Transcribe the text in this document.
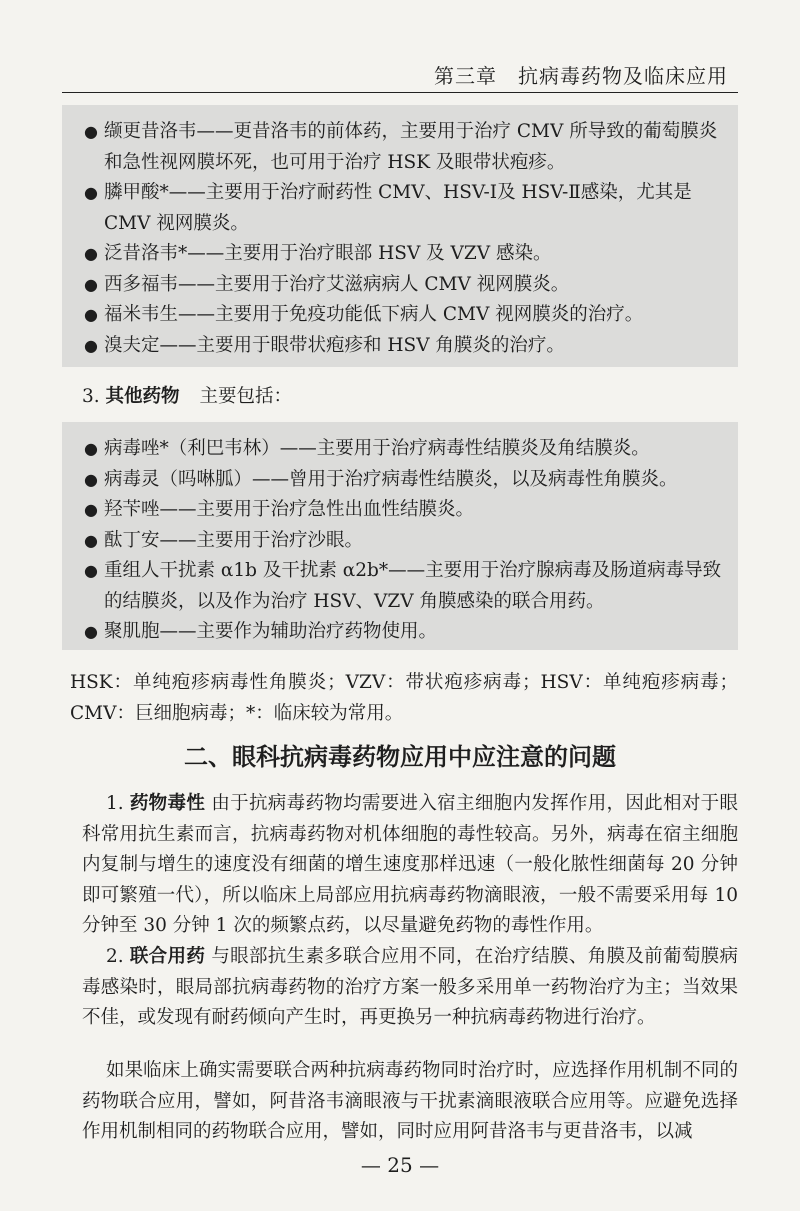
第三章　抗病毒药物及临床应用
● 缬更昔洛韦——更昔洛韦的前体药，主要用于治疗 CMV 所导致的葡萄膜炎和急性视网膜坏死，也可用于治疗 HSK 及眼带状疱疹。
● 膦甲酸*——主要用于治疗耐药性 CMV、HSV-Ⅰ及 HSV-Ⅱ感染，尤其是 CMV 视网膜炎。
● 泛昔洛韦*——主要用于治疗眼部 HSV 及 VZV 感染。
● 西多福韦——主要用于治疗艾滋病病人 CMV 视网膜炎。
● 福米韦生——主要用于免疫功能低下病人 CMV 视网膜炎的治疗。
● 溴夫定——主要用于眼带状疱疹和 HSV 角膜炎的治疗。
3. 其他药物 主要包括：
● 病毒唑*（利巴韦林）——主要用于治疗病毒性结膜炎及角结膜炎。
● 病毒灵（吗啉胍）——曾用于治疗病毒性结膜炎，以及病毒性角膜炎。
● 羟苄唑——主要用于治疗急性出血性结膜炎。
● 酞丁安——主要用于治疗沙眼。
● 重组人干扰素 α1b 及干扰素 α2b*——主要用于治疗腺病毒及肠道病毒导致的结膜炎，以及作为治疗 HSV、VZV 角膜感染的联合用药。
● 聚肌胞——主要作为辅助治疗药物使用。
HSK：单纯疱疹病毒性角膜炎；VZV：带状疱疹病毒；HSV：单纯疱疹病毒；CMV：巨细胞病毒；*：临床较为常用。
二、眼科抗病毒药物应用中应注意的问题
1. 药物毒性 由于抗病毒药物均需要进入宿主细胞内发挥作用，因此相对于眼科常用抗生素而言，抗病毒药物对机体细胞的毒性较高。另外，病毒在宿主细胞内复制与增生的速度没有细菌的增生速度那样迅速（一般化脓性细菌每 20 分钟即可繁殖一代），所以临床上局部应用抗病毒药物滴眼液，一般不需要采用每 10 分钟至 30 分钟 1 次的频繁点药，以尽量避免药物的毒性作用。
2. 联合用药 与眼部抗生素多联合应用不同，在治疗结膜、角膜及前葡萄膜病毒感染时，眼局部抗病毒药物的治疗方案一般多采用单一药物治疗为主；当效果不佳，或发现有耐药倾向产生时，再更换另一种抗病毒药物进行治疗。
如果临床上确实需要联合两种抗病毒药物同时治疗时，应选择作用机制不同的药物联合应用，譬如，阿昔洛韦滴眼液与干扰素滴眼液联合应用等。应避免选择作用机制相同的药物联合应用，譬如，同时应用阿昔洛韦与更昔洛韦，以减
— 25 —
